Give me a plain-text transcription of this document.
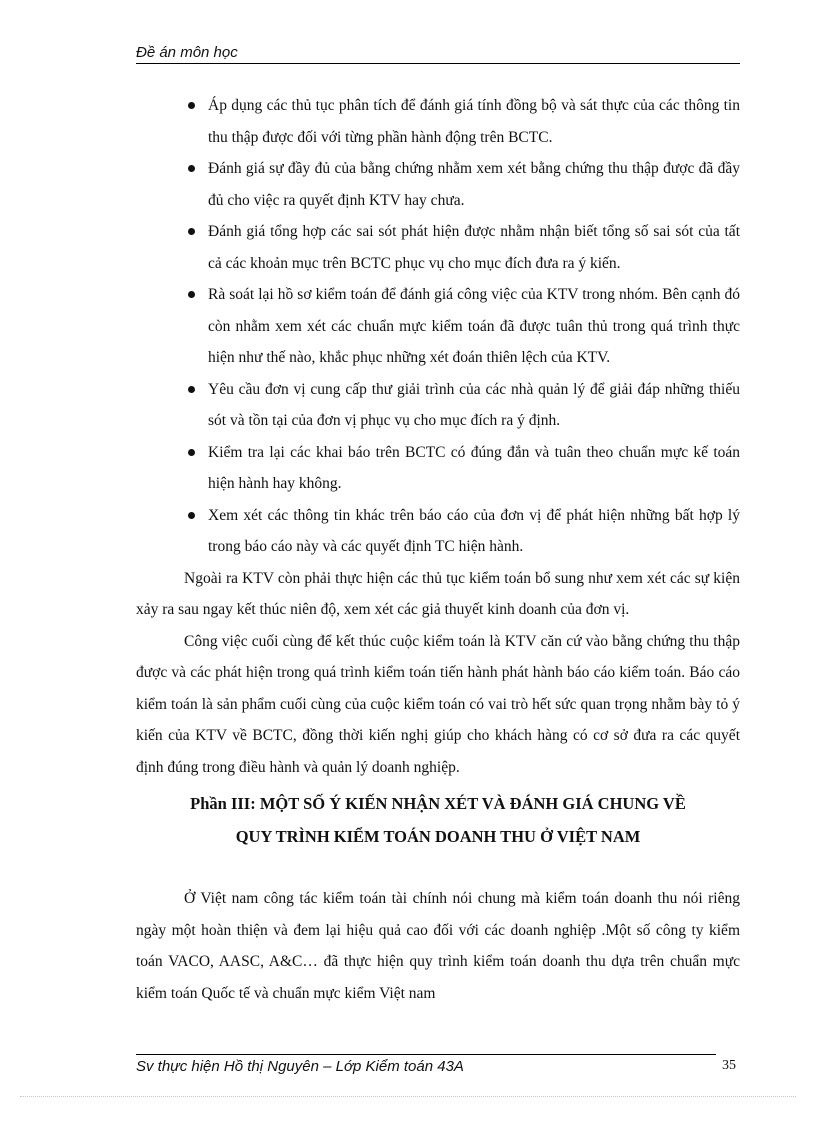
Đề án môn học
Áp dụng các thủ tục phân tích để đánh giá tính đồng bộ và sát thực của các thông tin thu thập được đối với từng phần hành động trên BCTC.
Đánh giá sự đầy đủ của bằng chứng nhằm xem xét bằng chứng thu thập được đã đầy đủ cho việc ra quyết định KTV hay chưa.
Đánh giá tổng hợp các sai sót phát hiện được nhằm nhận biết tổng số sai sót của tất cả các khoản mục trên BCTC phục vụ cho mục đích đưa ra ý kiến.
Rà soát lại hồ sơ kiểm toán để đánh giá công việc của KTV trong nhóm. Bên cạnh đó còn nhằm xem xét các chuẩn mực kiểm toán đã được tuân thủ trong quá trình thực hiện như thế nào, khắc phục những xét đoán thiên lệch của KTV.
Yêu cầu đơn vị cung cấp thư giải trình của các nhà quản lý để giải đáp những thiếu sót và tồn tại của đơn vị phục vụ cho mục đích ra ý định.
Kiểm tra lại các khai báo trên BCTC có đúng đắn và tuân theo chuẩn mực kế toán hiện hành hay không.
Xem xét các thông tin khác trên báo cáo của đơn vị để phát hiện những bất hợp lý trong báo cáo này và các quyết định TC hiện hành.

Ngoài ra KTV còn phải thực hiện các thủ tục kiểm toán bổ sung như xem xét các sự kiện xảy ra sau ngay kết thúc niên độ, xem xét các giả thuyết kinh doanh của đơn vị.

Công việc cuối cùng để kết thúc cuộc kiểm toán là KTV căn cứ vào bằng chứng thu thập được và các phát hiện trong quá trình kiểm toán tiến hành phát hành báo cáo kiểm toán. Báo cáo kiểm toán là sản phẩm cuối cùng của cuộc kiểm toán có vai trò hết sức quan trọng nhằm bày tỏ ý kiến của KTV về BCTC, đồng thời kiến nghị giúp cho khách hàng có cơ sở đưa ra các quyết định đúng trong điều hành và quản lý doanh nghiệp.

Phần III: MỘT SỐ Ý KIẾN NHẬN XÉT VÀ ĐÁNH GIÁ CHUNG VỀ
QUY TRÌNH KIỂM TOÁN DOANH THU Ở VIỆT NAM

Ở Việt nam công tác kiểm toán tài chính nói chung mà kiểm toán doanh thu nói riêng ngày một hoàn thiện và đem lại hiệu quả cao đối với các doanh nghiệp .Một số công ty kiểm toán VACO, AASC, A&C… đã thực hiện quy trình kiểm toán doanh thu dựa trên chuẩn mực kiểm toán Quốc tế và chuẩn mực kiểm Việt nam

Sv thực hiện Hồ thị Nguyên – Lớp Kiểm toán 43A	35
